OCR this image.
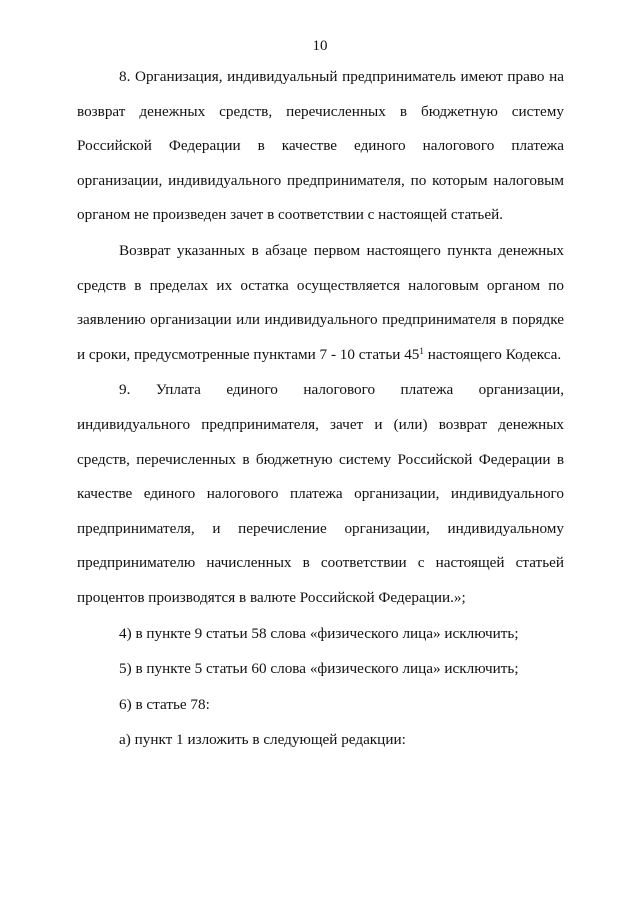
10

8. Организация, индивидуальный предприниматель имеют право на возврат денежных средств, перечисленных в бюджетную систему Российской Федерации в качестве единого налогового платежа организации, индивидуального предпринимателя, по которым налоговым органом не произведен зачет в соответствии с настоящей статьей.

Возврат указанных в абзаце первом настоящего пункта денежных средств в пределах их остатка осуществляется налоговым органом по заявлению организации или индивидуального предпринимателя в порядке и сроки, предусмотренные пунктами 7 - 10 статьи $45^1$ настоящего Кодекса.

9. Уплата единого налогового платежа организации, индивидуального предпринимателя, зачет и (или) возврат денежных средств, перечисленных в бюджетную систему Российской Федерации в качестве единого налогового платежа организации, индивидуального предпринимателя, и перечисление организации, индивидуальному предпринимателю начисленных в соответствии с настоящей статьей процентов производятся в валюте Российской Федерации.»;

4) в пункте 9 статьи 58 слова «физического лица» исключить;

5) в пункте 5 статьи 60 слова «физического лица» исключить;

6) в статье 78:

а) пункт 1 изложить в следующей редакции:
